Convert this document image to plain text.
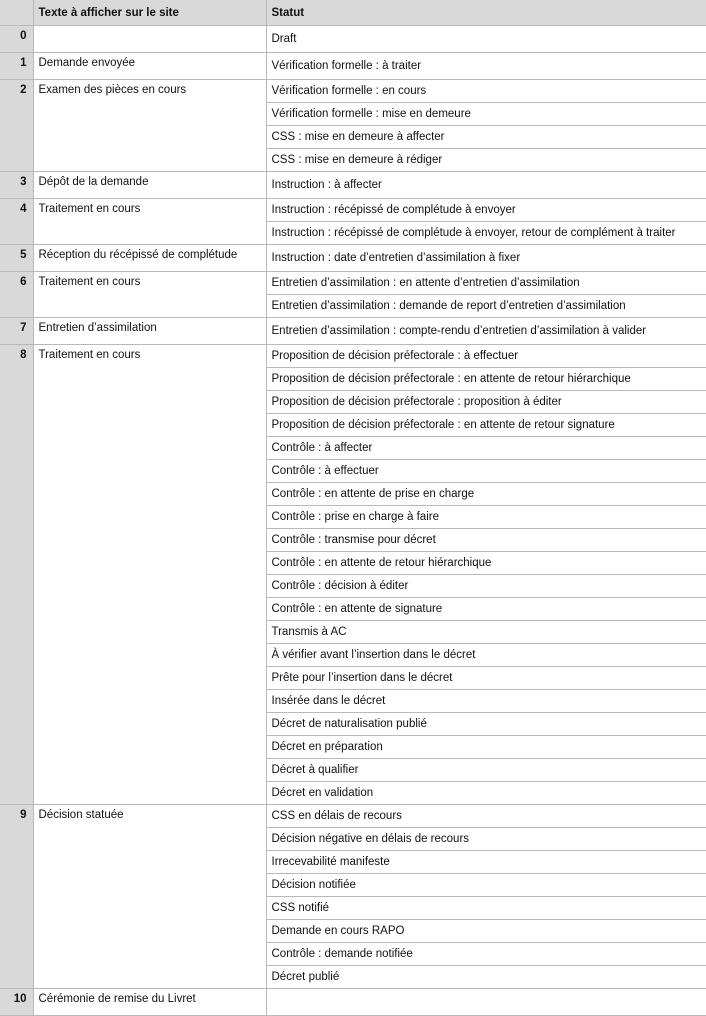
	Texte à afficher sur le site	Statut
0		Draft
1	Demande envoyée	Vérification formelle : à traiter
2	Examen des pièces en cours	Vérification formelle : en cours
		Vérification formelle : mise en demeure
		CSS : mise en demeure à affecter
		CSS : mise en demeure à rédiger
3	Dépôt de la demande	Instruction : à affecter
4	Traitement en cours	Instruction : récépissé de complétude à envoyer
		Instruction : récépissé de complétude à envoyer, retour de complément à traiter
5	Réception du récépissé de complétude	Instruction : date d’entretien d’assimilation à fixer
6	Traitement en cours	Entretien d’assimilation : en attente d’entretien d’assimilation
		Entretien d’assimilation : demande de report d’entretien d’assimilation
7	Entretien d’assimilation	Entretien d’assimilation : compte-rendu d’entretien d’assimilation à valider
8	Traitement en cours	Proposition de décision préfectorale : à effectuer
		Proposition de décision préfectorale : en attente de retour hiérarchique
		Proposition de décision préfectorale : proposition à éditer
		Proposition de décision préfectorale : en attente de retour signature
		Contrôle : à affecter
		Contrôle : à effectuer
		Contrôle : en attente de prise en charge
		Contrôle : prise en charge à faire
		Contrôle : transmise pour décret
		Contrôle : en attente de retour hiérarchique
		Contrôle : décision à éditer
		Contrôle : en attente de signature
		Transmis à AC
		À vérifier avant l’insertion dans le décret
		Prête pour l’insertion dans le décret
		Insérée dans le décret
		Décret de naturalisation publié
		Décret en préparation
		Décret à qualifier
		Décret en validation
9	Décision statuée	CSS en délais de recours
		Décision négative en délais de recours
		Irrecevabilité manifeste
		Décision notifiée
		CSS notifié
		Demande en cours RAPO
		Contrôle : demande notifiée
		Décret publié
10	Cérémonie de remise du Livret	
